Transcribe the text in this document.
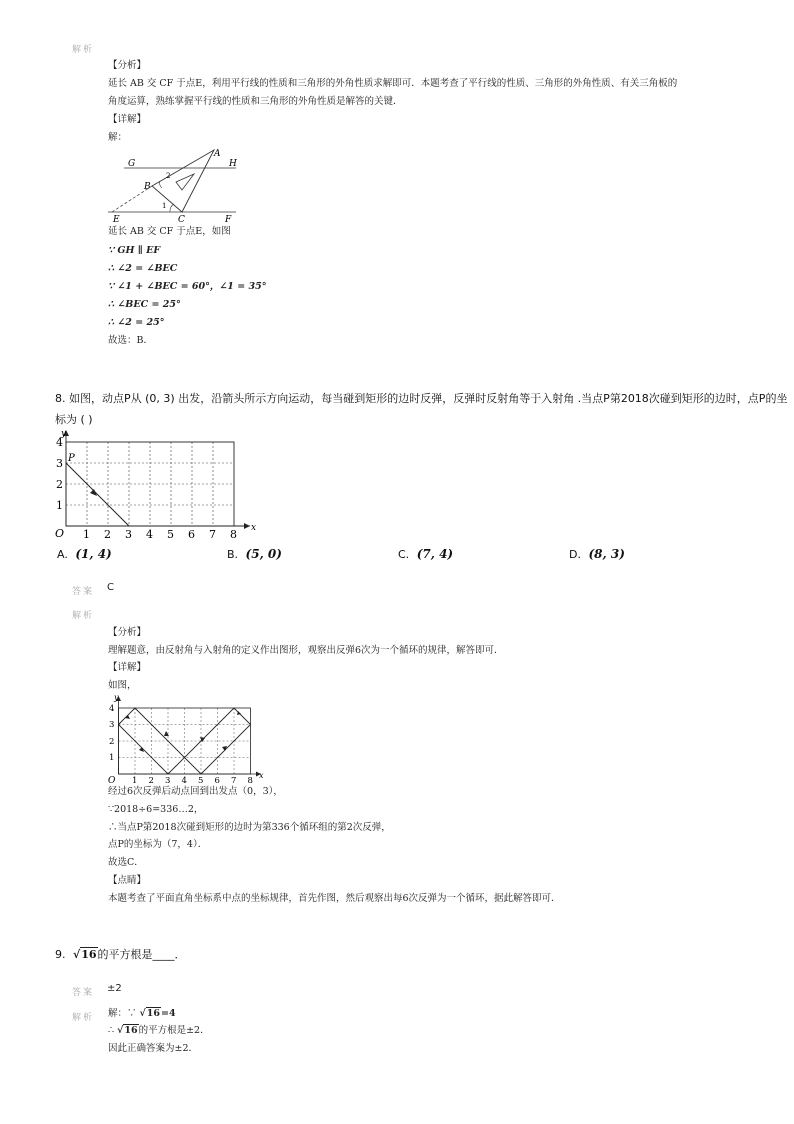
解析
【分析】
延长 AB 交 CF 于点E，利用平行线的性质和三角形的外角性质求解即可．本题考查了平行线的性质、三角形的外角性质、有关三角板的
角度运算，熟练掌握平行线的性质和三角形的外角性质是解答的关键．
【详解】
解：
A
G	H
B
2
1
E	C	F
延长 AB 交 CF 于点E，如图
∵ GH ∥ EF
∴ ∠2 = ∠BEC
∵ ∠1 + ∠BEC = 60°，∠1 = 35°
∴ ∠BEC = 25°
∴ ∠2 = 25°
故选：B．
8. 如图，动点P从 (0, 3) 出发，沿箭头所示方向运动，每当碰到矩形的边时反弹，反弹时反射角等于入射角 .当点P第2018次碰到矩形的边时，点P的坐
标为 ( )
y
x
O
P
1 2 3 4 5 6 7 8
1
2
3
4
A. (1, 4)	B. (5, 0)	C. (7, 4)	D. (8, 3)
答案 C
解析
【分析】
理解题意，由反射角与入射角的定义作出图形，观察出反弹6次为一个循环的规律，解答即可．
【详解】
如图，
y
x
O 1 2 3 4 5 6 7 8
1
2
3
4
经过6次反弹后动点回到出发点（0，3），
∵2018÷6=336…2，
∴当点P第2018次碰到矩形的边时为第336个循环组的第2次反弹，
点P的坐标为（7，4）．
故选C．
【点睛】
本题考查了平面直角坐标系中点的坐标规律，首先作图，然后观察出每6次反弹为一个循环，据此解答即可．
9. √16的平方根是____．
答案 ±2
解析 解：∵ √16=4
∴ √16的平方根是±2．
因此正确答案为±2．
